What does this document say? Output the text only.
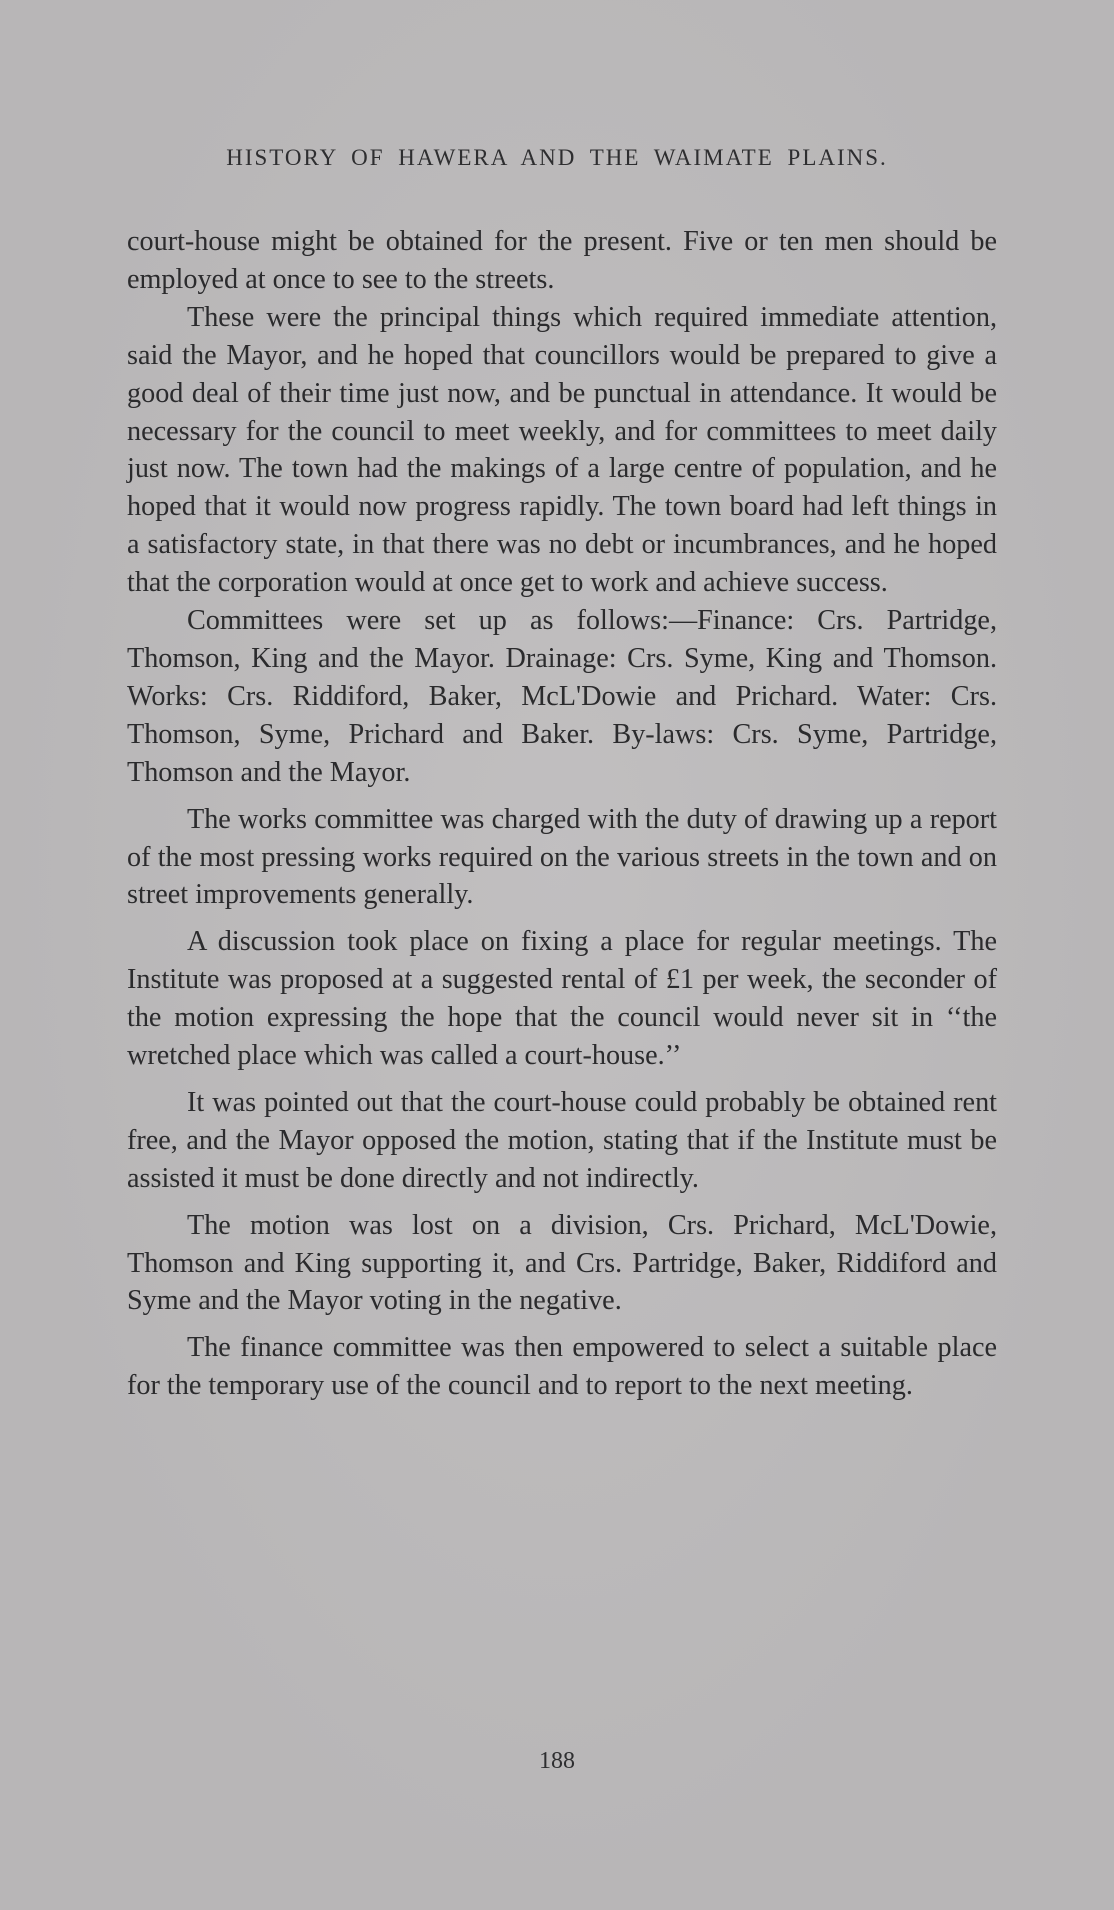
HISTORY OF HAWERA AND THE WAIMATE PLAINS.

court-house might be obtained for the present. Five or ten men should be employed at once to see to the streets.

These were the principal things which required immediate attention, said the Mayor, and he hoped that councillors would be prepared to give a good deal of their time just now, and be punctual in attendance. It would be necessary for the council to meet weekly, and for committees to meet daily just now. The town had the makings of a large centre of population, and he hoped that it would now progress rapidly. The town board had left things in a satisfactory state, in that there was no debt or incumbrances, and he hoped that the corporation would at once get to work and achieve success.

Committees were set up as follows:—Finance: Crs. Partridge, Thomson, King and the Mayor. Drainage: Crs. Syme, King and Thomson. Works: Crs. Riddiford, Baker, McL'Dowie and Prichard. Water: Crs. Thomson, Syme, Prichard and Baker. By-laws: Crs. Syme, Partridge, Thomson and the Mayor.

The works committee was charged with the duty of drawing up a report of the most pressing works required on the various streets in the town and on street improvements generally.

A discussion took place on fixing a place for regular meetings. The Institute was proposed at a suggested rental of £1 per week, the seconder of the motion expressing the hope that the council would never sit in ‘‘the wretched place which was called a court-house.’’

It was pointed out that the court-house could probably be obtained rent free, and the Mayor opposed the motion, stating that if the Institute must be assisted it must be done directly and not indirectly.

The motion was lost on a division, Crs. Prichard, McL'Dowie, Thomson and King supporting it, and Crs. Partridge, Baker, Riddiford and Syme and the Mayor voting in the negative.

The finance committee was then empowered to select a suitable place for the temporary use of the council and to report to the next meeting.

188
